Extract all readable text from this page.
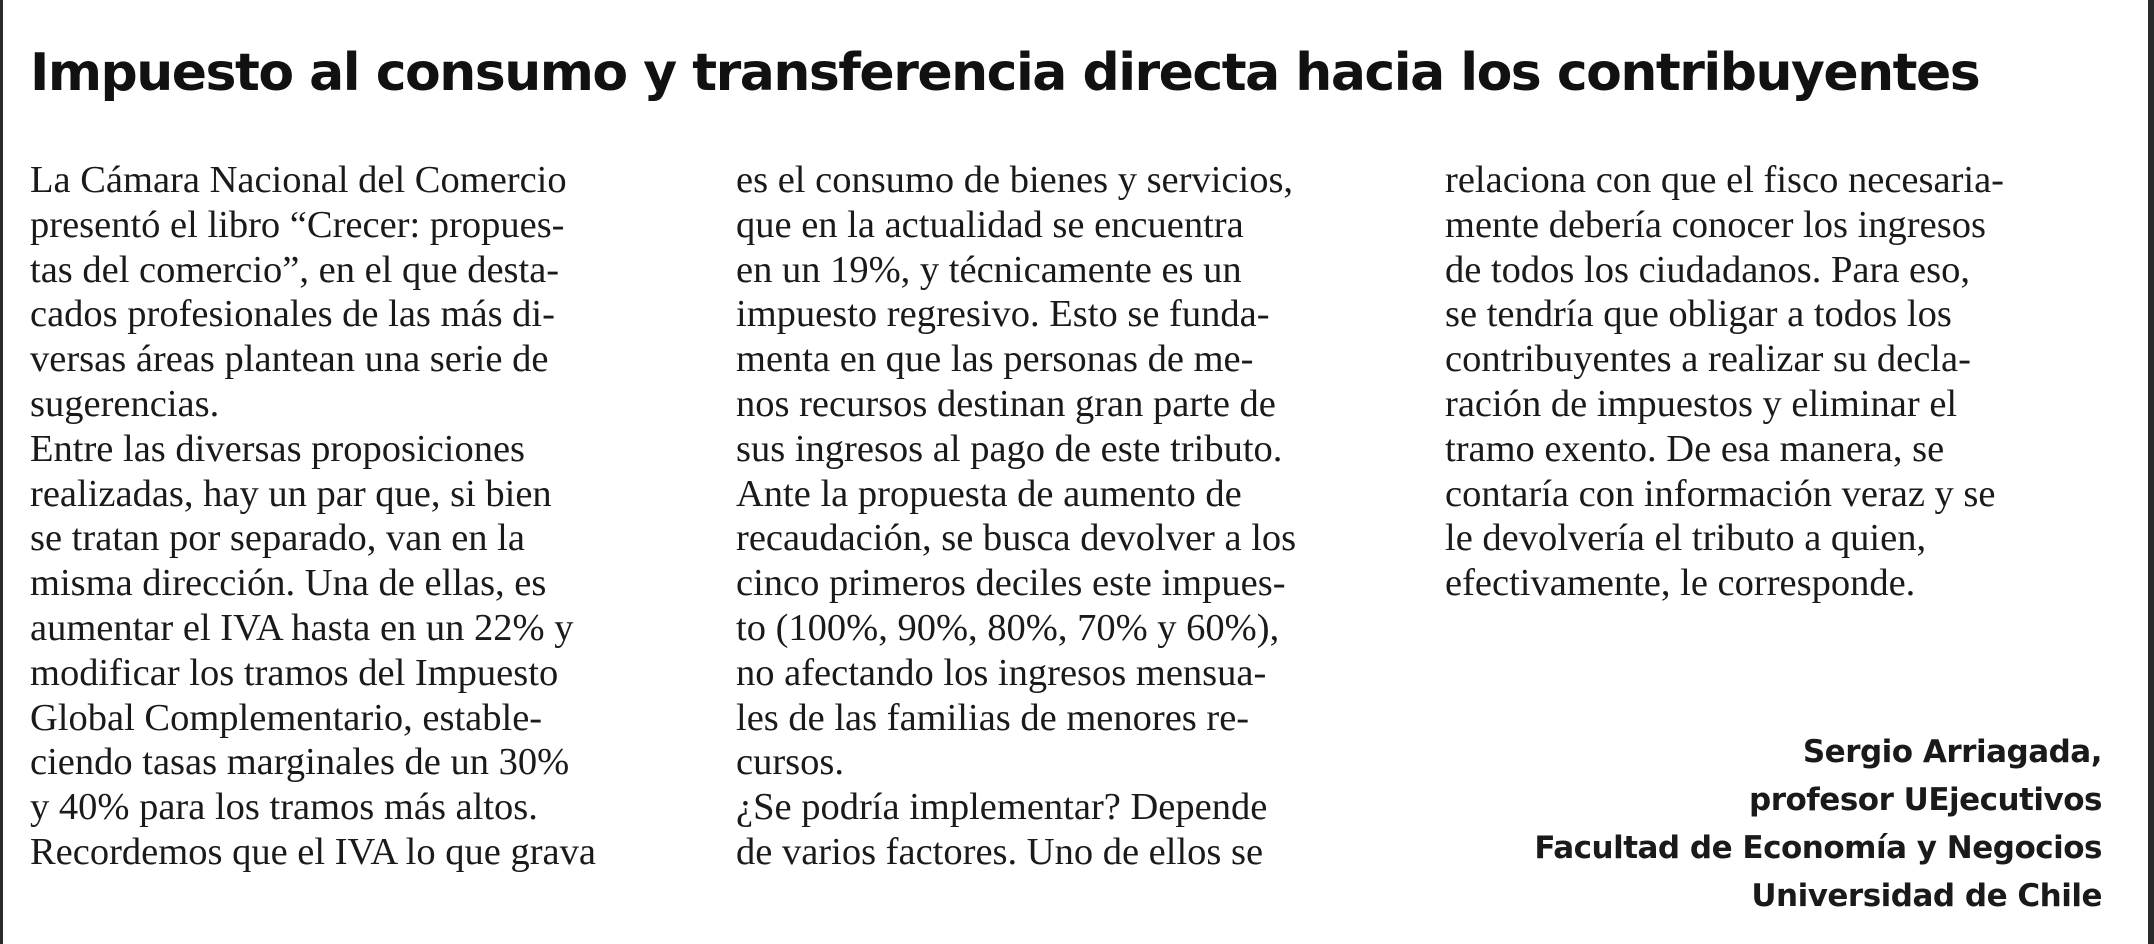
Impuesto al consumo y transferencia directa hacia los contribuyentes

La Cámara Nacional del Comercio

presentó el libro “Crecer: propues-

tas del comercio”, en el que desta-

cados profesionales de las más di-

versas áreas plantean una serie de

sugerencias.

Entre las diversas proposiciones

realizadas, hay un par que, si bien

se tratan por separado, van en la

misma dirección. Una de ellas, es

aumentar el IVA hasta en un 22% y

modificar los tramos del Impuesto

Global Complementario, estable-

ciendo tasas marginales de un 30%

y 40% para los tramos más altos.

Recordemos que el IVA lo que grava

es el consumo de bienes y servicios,

que en la actualidad se encuentra

en un 19%, y técnicamente es un

impuesto regresivo. Esto se funda-

menta en que las personas de me-

nos recursos destinan gran parte de

sus ingresos al pago de este tributo.

Ante la propuesta de aumento de

recaudación, se busca devolver a los

cinco primeros deciles este impues-

to (100%, 90%, 80%, 70% y 60%),

no afectando los ingresos mensua-

les de las familias de menores re-

cursos.

¿Se podría implementar? Depende

de varios factores. Uno de ellos se

relaciona con que el fisco necesaria-

mente debería conocer los ingresos

de todos los ciudadanos. Para eso,

se tendría que obligar a todos los

contribuyentes a realizar su decla-

ración de impuestos y eliminar el

tramo exento. De esa manera, se

contaría con información veraz y se

le devolvería el tributo a quien,

efectivamente, le corresponde.

Sergio Arriagada,
profesor UEjecutivos
Facultad de Economía y Negocios
Universidad de Chile
